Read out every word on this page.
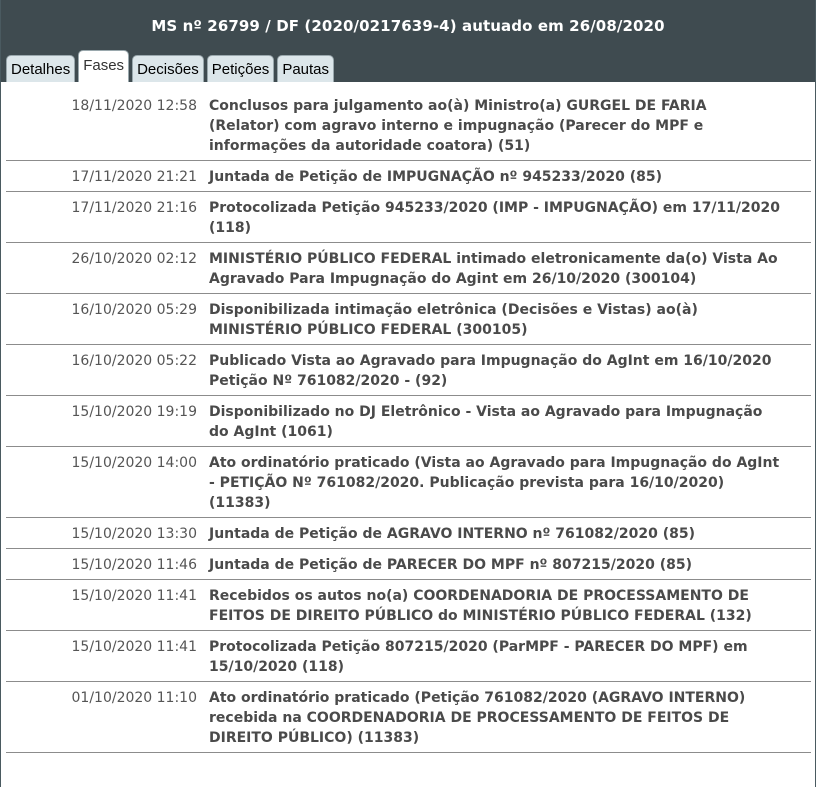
MS nº 26799 / DF (2020/0217639-4) autuado em 26/08/2020
Detalhes Fases Decisões Petições Pautas
18/11/2020 12:58 Conclusos para julgamento ao(à) Ministro(a) GURGEL DE FARIA (Relator) com agravo interno e impugnação (Parecer do MPF e informações da autoridade coatora) (51)
17/11/2020 21:21 Juntada de Petição de IMPUGNAÇÃO nº 945233/2020 (85)
17/11/2020 21:16 Protocolizada Petição 945233/2020 (IMP - IMPUGNAÇÃO) em 17/11/2020 (118)
26/10/2020 02:12 MINISTÉRIO PÚBLICO FEDERAL intimado eletronicamente da(o) Vista Ao Agravado Para Impugnação do Agint em 26/10/2020 (300104)
16/10/2020 05:29 Disponibilizada intimação eletrônica (Decisões e Vistas) ao(à) MINISTÉRIO PÚBLICO FEDERAL (300105)
16/10/2020 05:22 Publicado Vista ao Agravado para Impugnação do AgInt em 16/10/2020 Petição Nº 761082/2020 - (92)
15/10/2020 19:19 Disponibilizado no DJ Eletrônico - Vista ao Agravado para Impugnação do AgInt (1061)
15/10/2020 14:00 Ato ordinatório praticado (Vista ao Agravado para Impugnação do AgInt - PETIÇÃO Nº 761082/2020. Publicação prevista para 16/10/2020) (11383)
15/10/2020 13:30 Juntada de Petição de AGRAVO INTERNO nº 761082/2020 (85)
15/10/2020 11:46 Juntada de Petição de PARECER DO MPF nº 807215/2020 (85)
15/10/2020 11:41 Recebidos os autos no(a) COORDENADORIA DE PROCESSAMENTO DE FEITOS DE DIREITO PÚBLICO do MINISTÉRIO PÚBLICO FEDERAL (132)
15/10/2020 11:41 Protocolizada Petição 807215/2020 (ParMPF - PARECER DO MPF) em 15/10/2020 (118)
01/10/2020 11:10 Ato ordinatório praticado (Petição 761082/2020 (AGRAVO INTERNO) recebida na COORDENADORIA DE PROCESSAMENTO DE FEITOS DE DIREITO PÚBLICO) (11383)
